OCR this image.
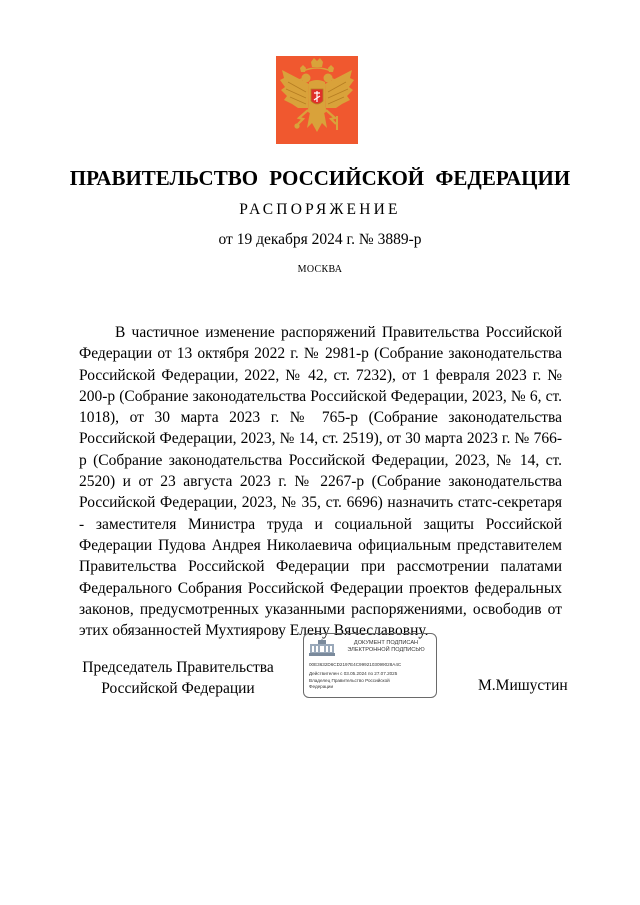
ПРАВИТЕЛЬСТВО РОССИЙСКОЙ ФЕДЕРАЦИИ
РАСПОРЯЖЕНИЕ
от 19 декабря 2024 г. № 3889-р
МОСКВА

В частичное изменение распоряжений Правительства Российской Федерации от 13 октября 2022 г. № 2981-р (Собрание законодательства Российской Федерации, 2022, № 42, ст. 7232), от 1 февраля 2023 г. № 200-р (Собрание законодательства Российской Федерации, 2023, № 6, ст. 1018), от 30 марта 2023 г. № 765-р (Собрание законодательства Российской Федерации, 2023, № 14, ст. 2519), от 30 марта 2023 г. № 766-р (Собрание законодательства Российской Федерации, 2023, № 14, ст. 2520) и от 23 августа 2023 г. № 2267-р (Собрание законодательства Российской Федерации, 2023, № 35, ст. 6696) назначить статс-секретаря - заместителя Министра труда и социальной защиты Российской Федерации Пудова Андрея Николаевича официальным представителем Правительства Российской Федерации при рассмотрении палатами Федерального Собрания Российской Федерации проектов федеральных законов, предусмотренных указанными распоряжениями, освободив от этих обязанностей Мухтиярову Елену Вячеславовну.

Председатель Правительства
Российской Федерации
ДОКУМЕНТ ПОДПИСАН
ЭЛЕКТРОННОЙ ПОДПИСЬЮ
00E3632D6CD2197E4C9992103099028A4C
Действителен с 03.05.2024 по 27.07.2025
Владелец Правительство Российской
Федерации	М.Мишустин
